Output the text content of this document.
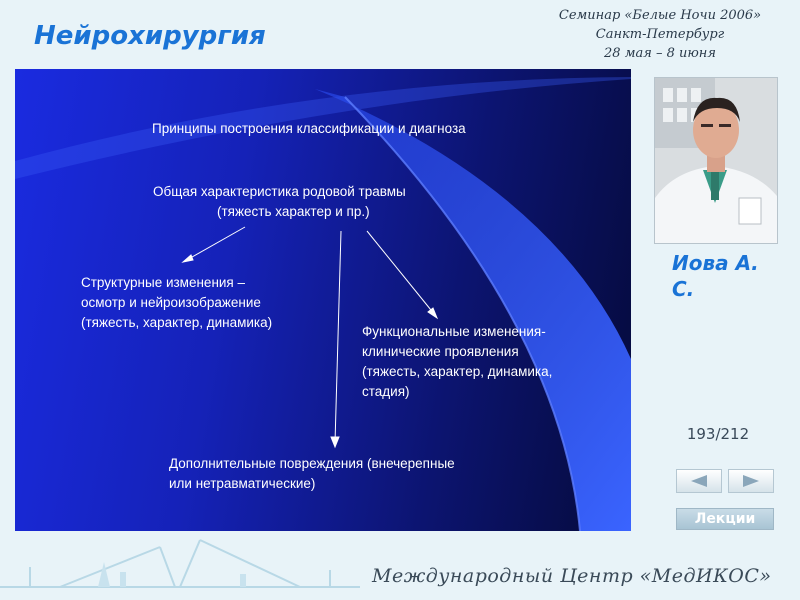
Нейрохирургия
Семинар «Белые Ночи 2006»
Санкт-Петербург
28 мая – 8 июня
Принципы построения классификации и диагноза
Общая характеристика родовой травмы
(тяжесть характер и пр.)
Структурные изменения –
осмотр и нейроизображение
(тяжесть, характер, динамика)
Функциональные изменения-
клинические проявления
(тяжесть, характер, динамика,
стадия)
Дополнительные повреждения (внечерепные
или нетравматические)
Иова А. С.
193/212
Лекции
Международный Центр «МедИКОС»
